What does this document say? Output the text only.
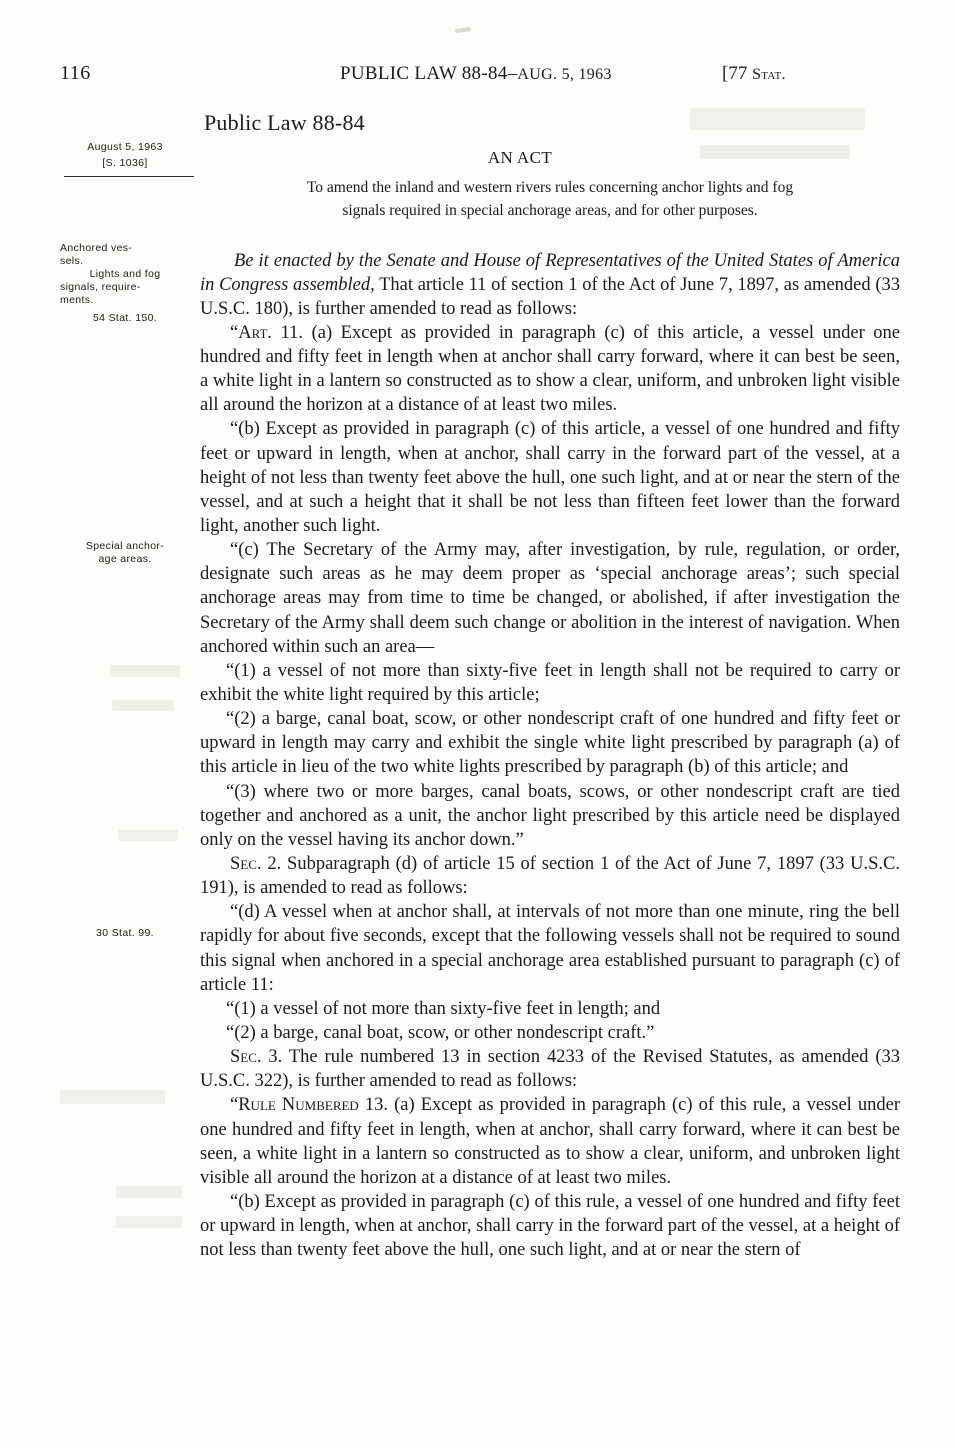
116	PUBLIC LAW 88-84–AUG. 5, 1963	[77 Stat.
August 5, 1963
[S. 1036]
Anchored ves-
sels.
Lights and fog
signals, require-
ments.
54 Stat. 150.
Special anchor-
age areas.
30 Stat. 99.
Public Law 88-84
AN ACT
To amend the inland and western rivers rules concerning anchor lights and fog
signals required in special anchorage areas, and for other purposes.

Be it enacted by the Senate and House of Representatives of the United States of America in Congress assembled, That article 11 of section 1 of the Act of June 7, 1897, as amended (33 U.S.C. 180), is further amended to read as follows:

“Art. 11. (a) Except as provided in paragraph (c) of this article, a vessel under one hundred and fifty feet in length when at anchor shall carry forward, where it can best be seen, a white light in a lantern so constructed as to show a clear, uniform, and unbroken light visible all around the horizon at a distance of at least two miles.

“(b) Except as provided in paragraph (c) of this article, a vessel of one hundred and fifty feet or upward in length, when at anchor, shall carry in the forward part of the vessel, at a height of not less than twenty feet above the hull, one such light, and at or near the stern of the vessel, and at such a height that it shall be not less than fifteen feet lower than the forward light, another such light.

“(c) The Secretary of the Army may, after investigation, by rule, regulation, or order, designate such areas as he may deem proper as ‘special anchorage areas’; such special anchorage areas may from time to time be changed, or abolished, if after investigation the Secretary of the Army shall deem such change or abolition in the interest of navigation. When anchored within such an area—

“(1) a vessel of not more than sixty-five feet in length shall not be required to carry or exhibit the white light required by this article;

“(2) a barge, canal boat, scow, or other nondescript craft of one hundred and fifty feet or upward in length may carry and exhibit the single white light prescribed by paragraph (a) of this article in lieu of the two white lights prescribed by paragraph (b) of this article; and

“(3) where two or more barges, canal boats, scows, or other nondescript craft are tied together and anchored as a unit, the anchor light prescribed by this article need be displayed only on the vessel having its anchor down.”

Sec. 2. Subparagraph (d) of article 15 of section 1 of the Act of June 7, 1897 (33 U.S.C. 191), is amended to read as follows:

“(d) A vessel when at anchor shall, at intervals of not more than one minute, ring the bell rapidly for about five seconds, except that the following vessels shall not be required to sound this signal when anchored in a special anchorage area established pursuant to paragraph (c) of article 11:

“(1) a vessel of not more than sixty-five feet in length; and

“(2) a barge, canal boat, scow, or other nondescript craft.”

Sec. 3. The rule numbered 13 in section 4233 of the Revised Statutes, as amended (33 U.S.C. 322), is further amended to read as follows:

“Rule Numbered 13. (a) Except as provided in paragraph (c) of this rule, a vessel under one hundred and fifty feet in length, when at anchor, shall carry forward, where it can best be seen, a white light in a lantern so constructed as to show a clear, uniform, and unbroken light visible all around the horizon at a distance of at least two miles.

“(b) Except as provided in paragraph (c) of this rule, a vessel of one hundred and fifty feet or upward in length, when at anchor, shall carry in the forward part of the vessel, at a height of not less than twenty feet above the hull, one such light, and at or near the stern of
